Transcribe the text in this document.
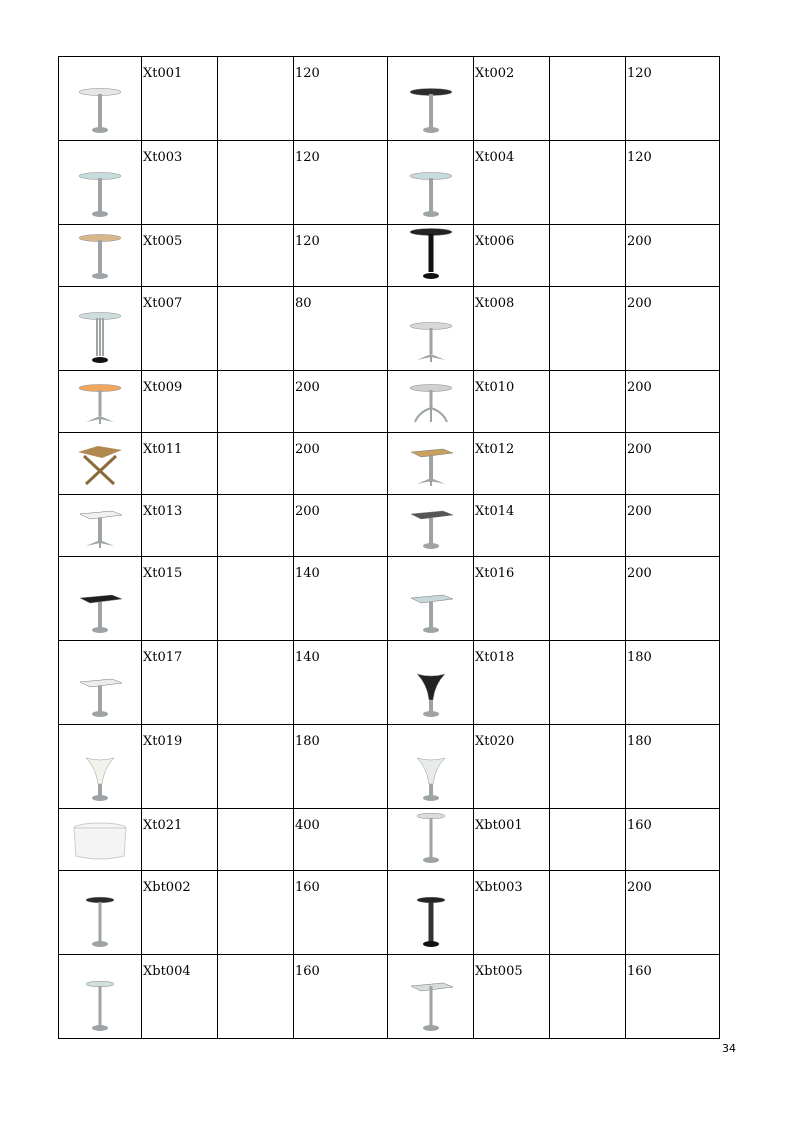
Xt001		120		Xt002		120

Xt003		120		Xt004		120

Xt005		120		Xt006		200

Xt007		80		Xt008		200

Xt009		200		Xt010		200

Xt011		200		Xt012		200

Xt013		200		Xt014		200

Xt015		140		Xt016		200

Xt017		140		Xt018		180

Xt019		180		Xt020		180

Xt021		400		Xbt001		160

Xbt002		160		Xbt003		200

Xbt004		160		Xbt005		160
34
